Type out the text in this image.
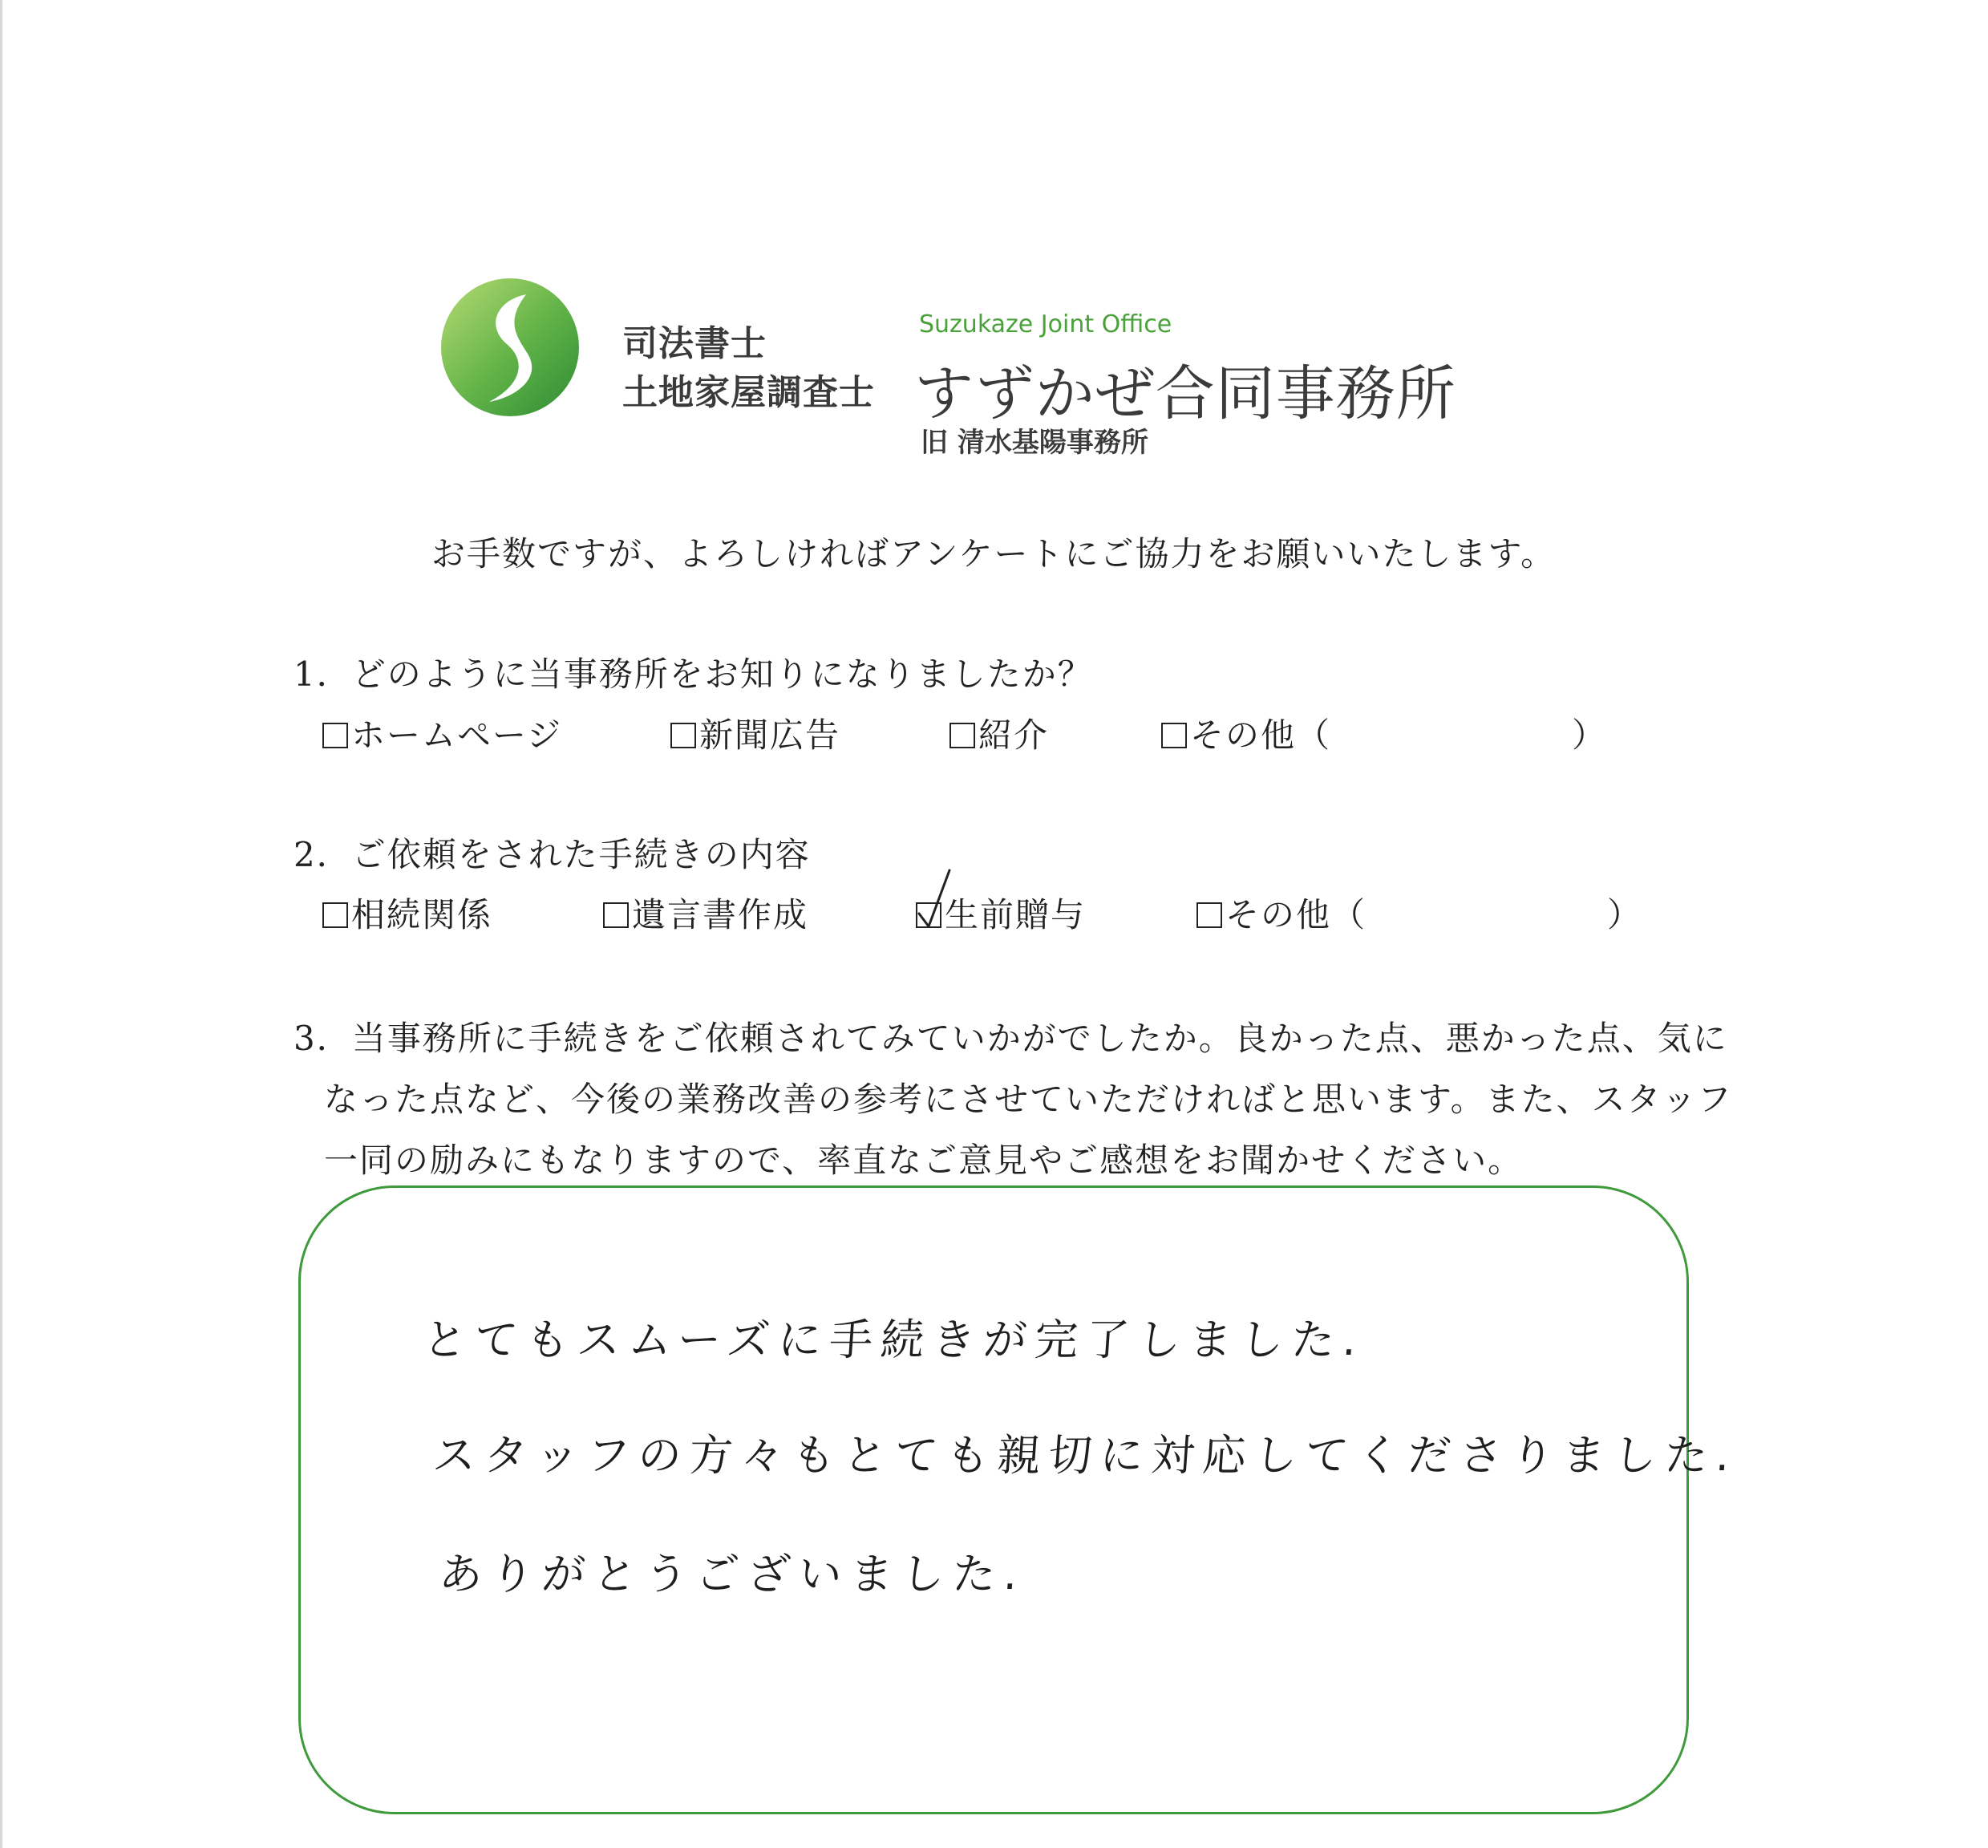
司法書士
土地家屋調査士
Suzukaze Joint Office
すずかぜ合同事務所
旧 清水基陽事務所
お手数ですが、よろしければアンケートにご協力をお願いいたします。
1．どのように当事務所をお知りになりましたか？
ホームページ	新聞広告	紹介	その他（	）
2．ご依頼をされた手続きの内容
相続関係	遺言書作成	生前贈与	その他（	）
3．当事務所に手続きをご依頼されてみていかがでしたか。良かった点、悪かった点、気に
なった点など、今後の業務改善の参考にさせていただければと思います。また、スタッフ
一同の励みにもなりますので、率直なご意見やご感想をお聞かせください。
とてもスムーズに手続きが完了しました.
スタッフの方々もとても親切に対応してくださりました.
ありがとうございました.
